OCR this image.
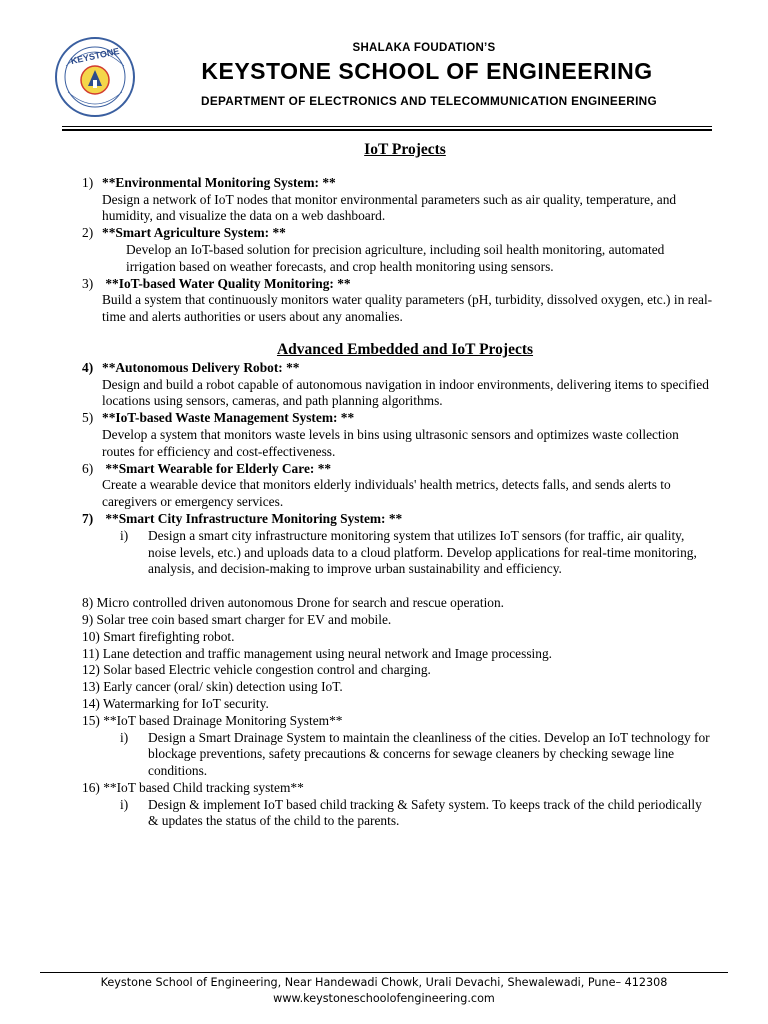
KEYSTONE	SHALAKA FOUDATION’S
KEYSTONE SCHOOL OF ENGINEERING
DEPARTMENT OF ELECTRONICS AND TELECOMMUNICATION ENGINEERING
IoT Projects
1) **Environmental Monitoring System: **
Design a network of IoT nodes that monitor environmental parameters such as air quality, temperature, and humidity, and visualize the data on a web dashboard.
2) **Smart Agriculture System: **
Develop an IoT-based solution for precision agriculture, including soil health monitoring, automated irrigation based on weather forecasts, and crop health monitoring using sensors.
3) **IoT-based Water Quality Monitoring: **
Build a system that continuously monitors water quality parameters (pH, turbidity, dissolved oxygen, etc.) in real-time and alerts authorities or users about any anomalies.
Advanced Embedded and IoT Projects
4) **Autonomous Delivery Robot: **
Design and build a robot capable of autonomous navigation in indoor environments, delivering items to specified locations using sensors, cameras, and path planning algorithms.
5) **IoT-based Waste Management System: **
Develop a system that monitors waste levels in bins using ultrasonic sensors and optimizes waste collection routes for efficiency and cost-effectiveness.
6) **Smart Wearable for Elderly Care: **
Create a wearable device that monitors elderly individuals' health metrics, detects falls, and sends alerts to caregivers or emergency services.
7) **Smart City Infrastructure Monitoring System: **
i)	Design a smart city infrastructure monitoring system that utilizes IoT sensors (for traffic, air quality, noise levels, etc.) and uploads data to a cloud platform. Develop applications for real-time monitoring, analysis, and decision-making to improve urban sustainability and efficiency.
8) Micro controlled driven autonomous Drone for search and rescue operation.
9) Solar tree coin based smart charger for EV and mobile.
10) Smart firefighting robot.
11) Lane detection and traffic management using neural network and Image processing.
12) Solar based Electric vehicle congestion control and charging.
13) Early cancer (oral/ skin) detection using IoT.
14) Watermarking for IoT security.
15) **IoT based Drainage Monitoring System**
i)	Design a Smart Drainage System to maintain the cleanliness of the cities. Develop an IoT technology for blockage preventions, safety precautions & concerns for sewage cleaners by checking sewage line conditions.
16) **IoT based Child tracking system**
i)	Design & implement IoT based child tracking & Safety system. To keeps track of the child periodically & updates the status of the child to the parents.
Keystone School of Engineering, Near Handewadi Chowk, Urali Devachi, Shewalewadi, Pune– 412308
www.keystoneschoolofengineering.com
